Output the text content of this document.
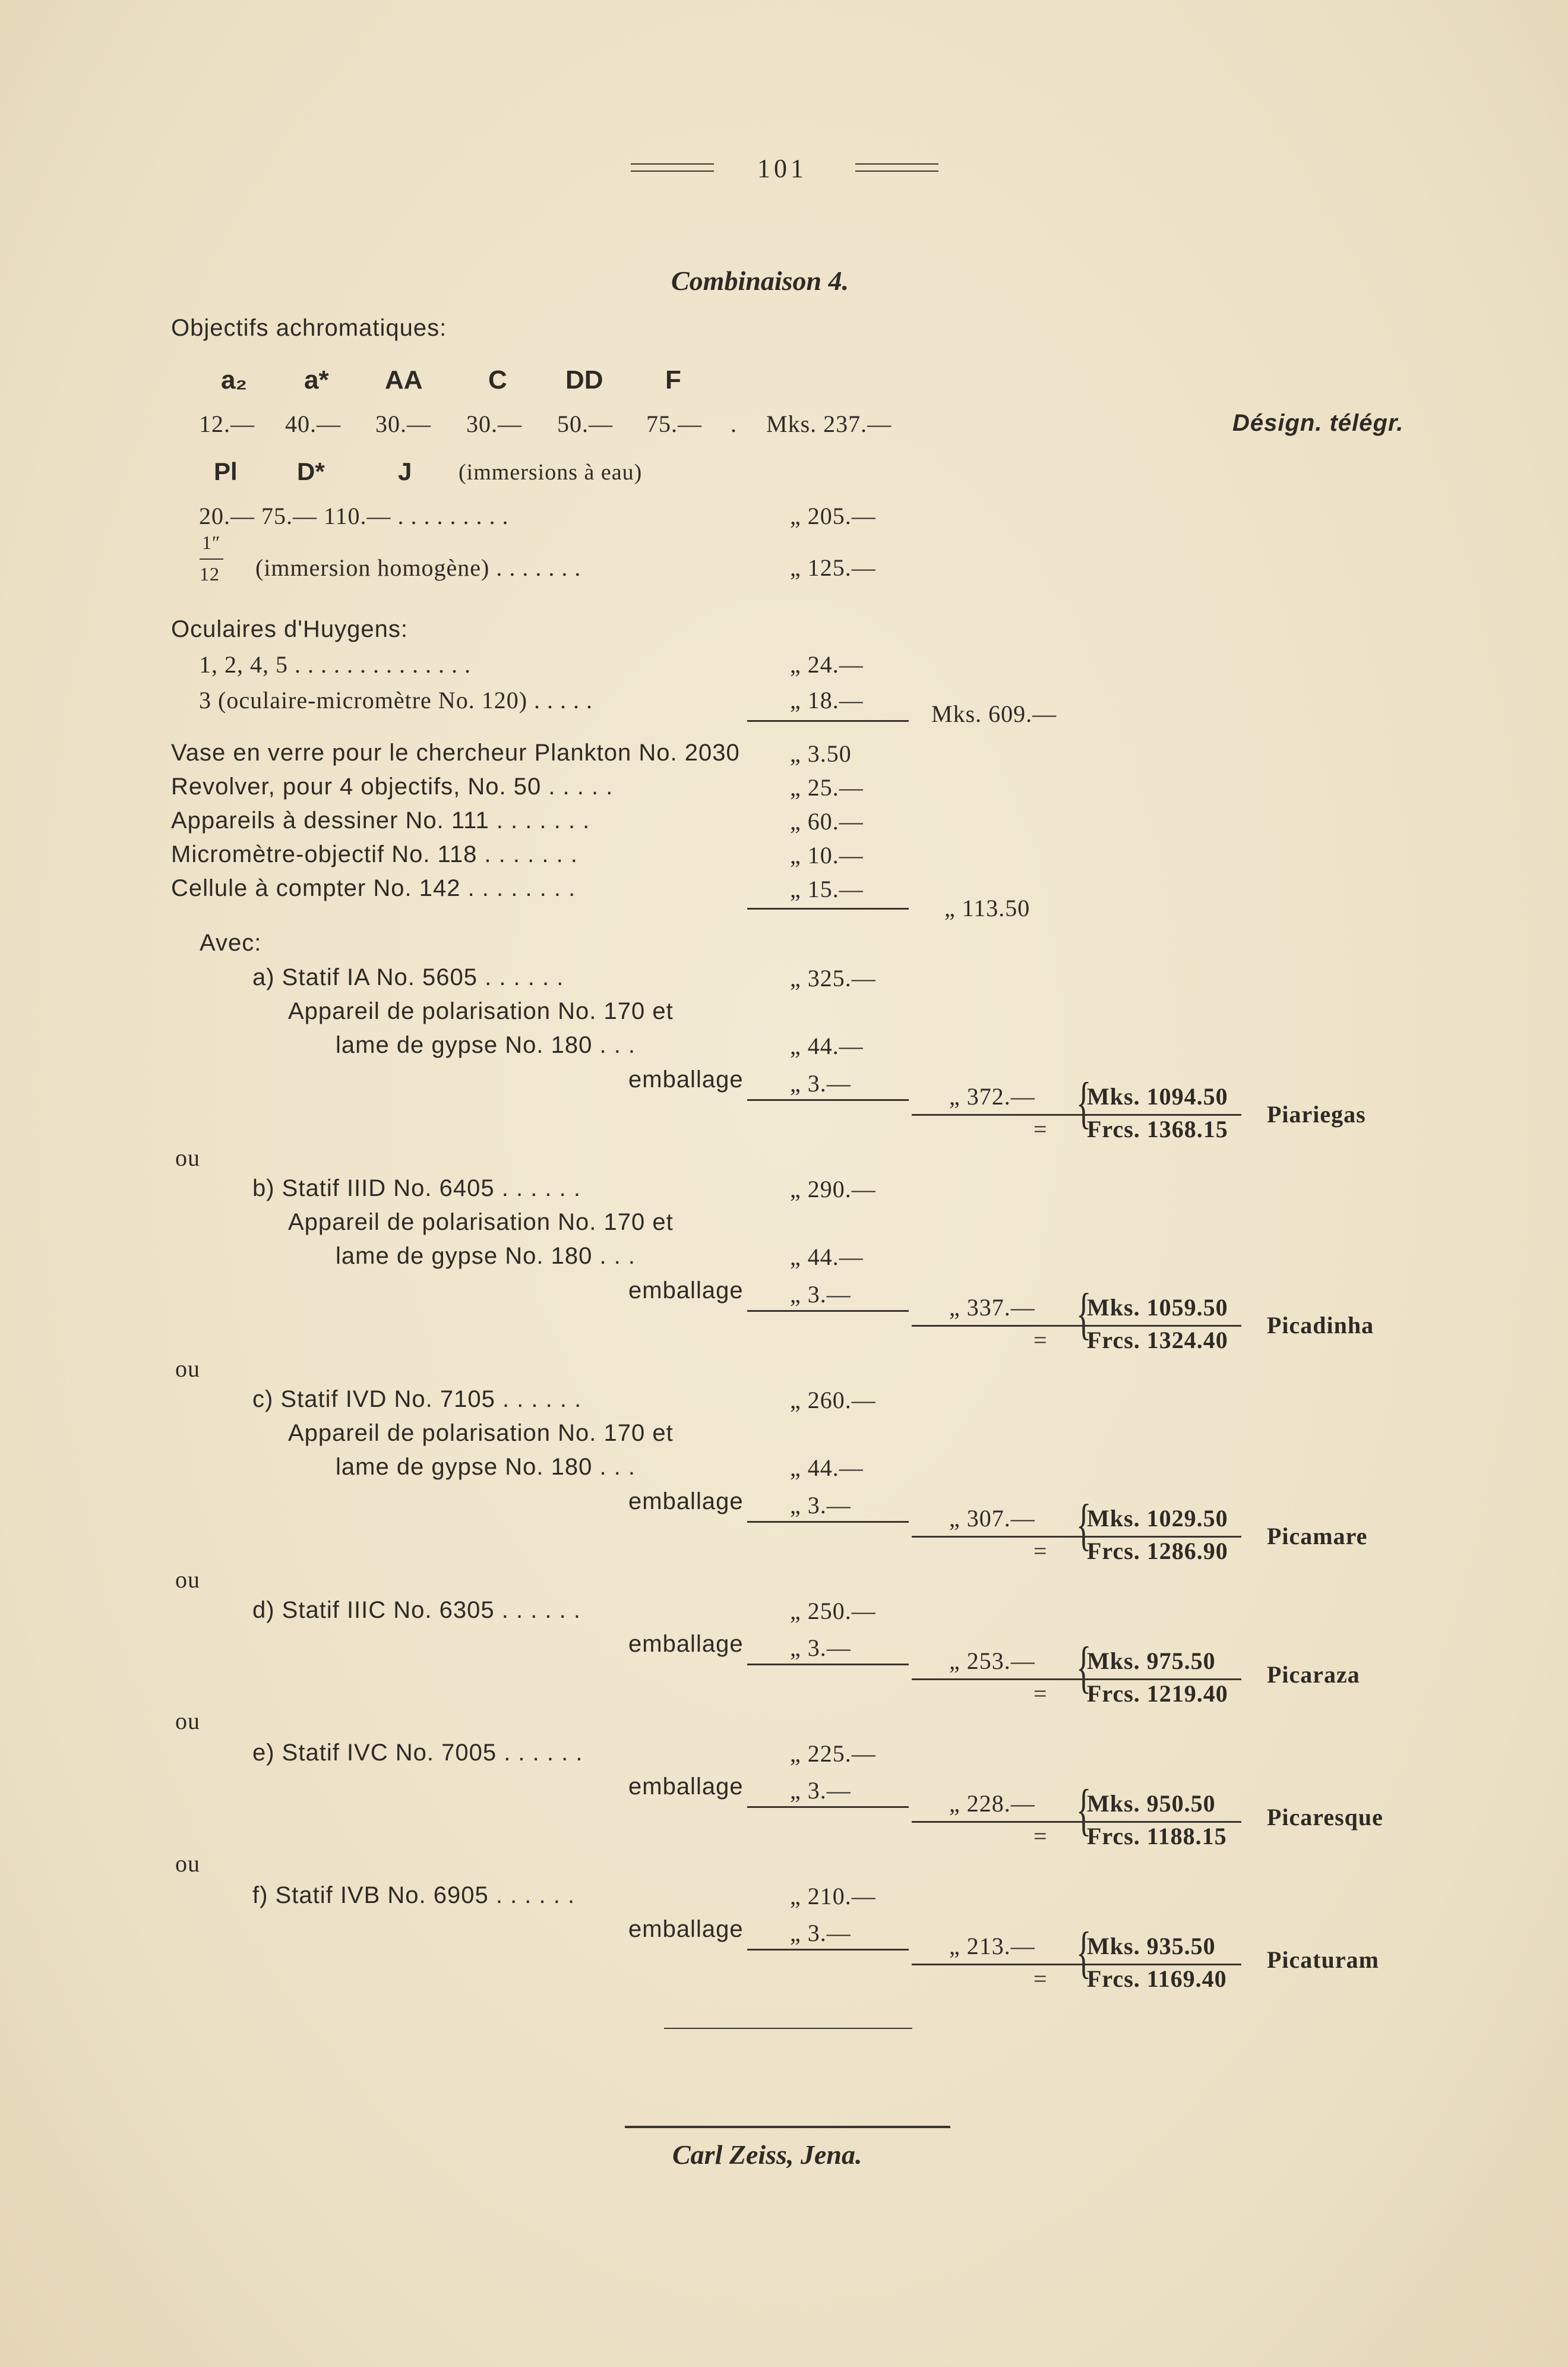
101
Combinaison 4.
Objectifs achromatiques:
a₂ a* AA	C DD F
12.— 40.— 30.— 30.— 50.— 75.— . Mks. 237.—	Désign. télégr.
Pl D*	J (immersions à eau)
20.— 75.— 110.— . . . . . . . . .	„ 205.—
1″
12 (immersion homogène) . . . . . . .	„ 125.—
Oculaires d'Huygens:
1, 2, 4, 5 . . . . . . . . . . . . . .	„ 24.—
3 (oculaire-micromètre No. 120) . . . . .	„ 18.—
Mks. 609.—
Vase en verre pour le chercheur Plankton No. 2030 „ 3.50
Revolver, pour 4 objectifs, No. 50 . . . . .	„ 25.—
Appareils à dessiner No. 111 . . . . . . .	„ 60.—
Micromètre-objectif No. 118 . . . . . . .	„ 10.—
Cellule à compter No. 142 . . . . . . . .	„ 15.—
„ 113.50
Avec:
a) Statif IA No. 5605 . . . . . .	„ 325.—
Appareil de polarisation No. 170 et
lame de gypse No. 180 . . .	„ 44.—
emballage „ 3.—	„ 372.— {
Mks. 1094.50
= Frcs. 1368.15
Piariegas
ou
b) Statif IIID No. 6405 . . . . . .	„ 290.—
Appareil de polarisation No. 170 et
lame de gypse No. 180 . . .	„ 44.—
emballage „ 3.—	„ 337.— {
Mks. 1059.50
= Frcs. 1324.40
Picadinha
ou
c) Statif IVD No. 7105 . . . . . .	„ 260.—
Appareil de polarisation No. 170 et
lame de gypse No. 180 . . .	„ 44.—
emballage „ 3.—	„ 307.— {
Mks. 1029.50
= Frcs. 1286.90
Picamare
ou
d) Statif IIIC No. 6305 . . . . . .	„ 250.—
emballage „ 3.—	„ 253.— {
Mks. 975.50
= Frcs. 1219.40
Picaraza
ou
e) Statif IVC No. 7005 . . . . . .	„ 225.—
emballage „ 3.—	„ 228.— {
Mks. 950.50
= Frcs. 1188.15
Picaresque
ou
f) Statif IVB No. 6905 . . . . . .	„ 210.—
emballage „ 3.—	„ 213.— {
Mks. 935.50
= Frcs. 1169.40
Picaturam
Carl Zeiss, Jena.
